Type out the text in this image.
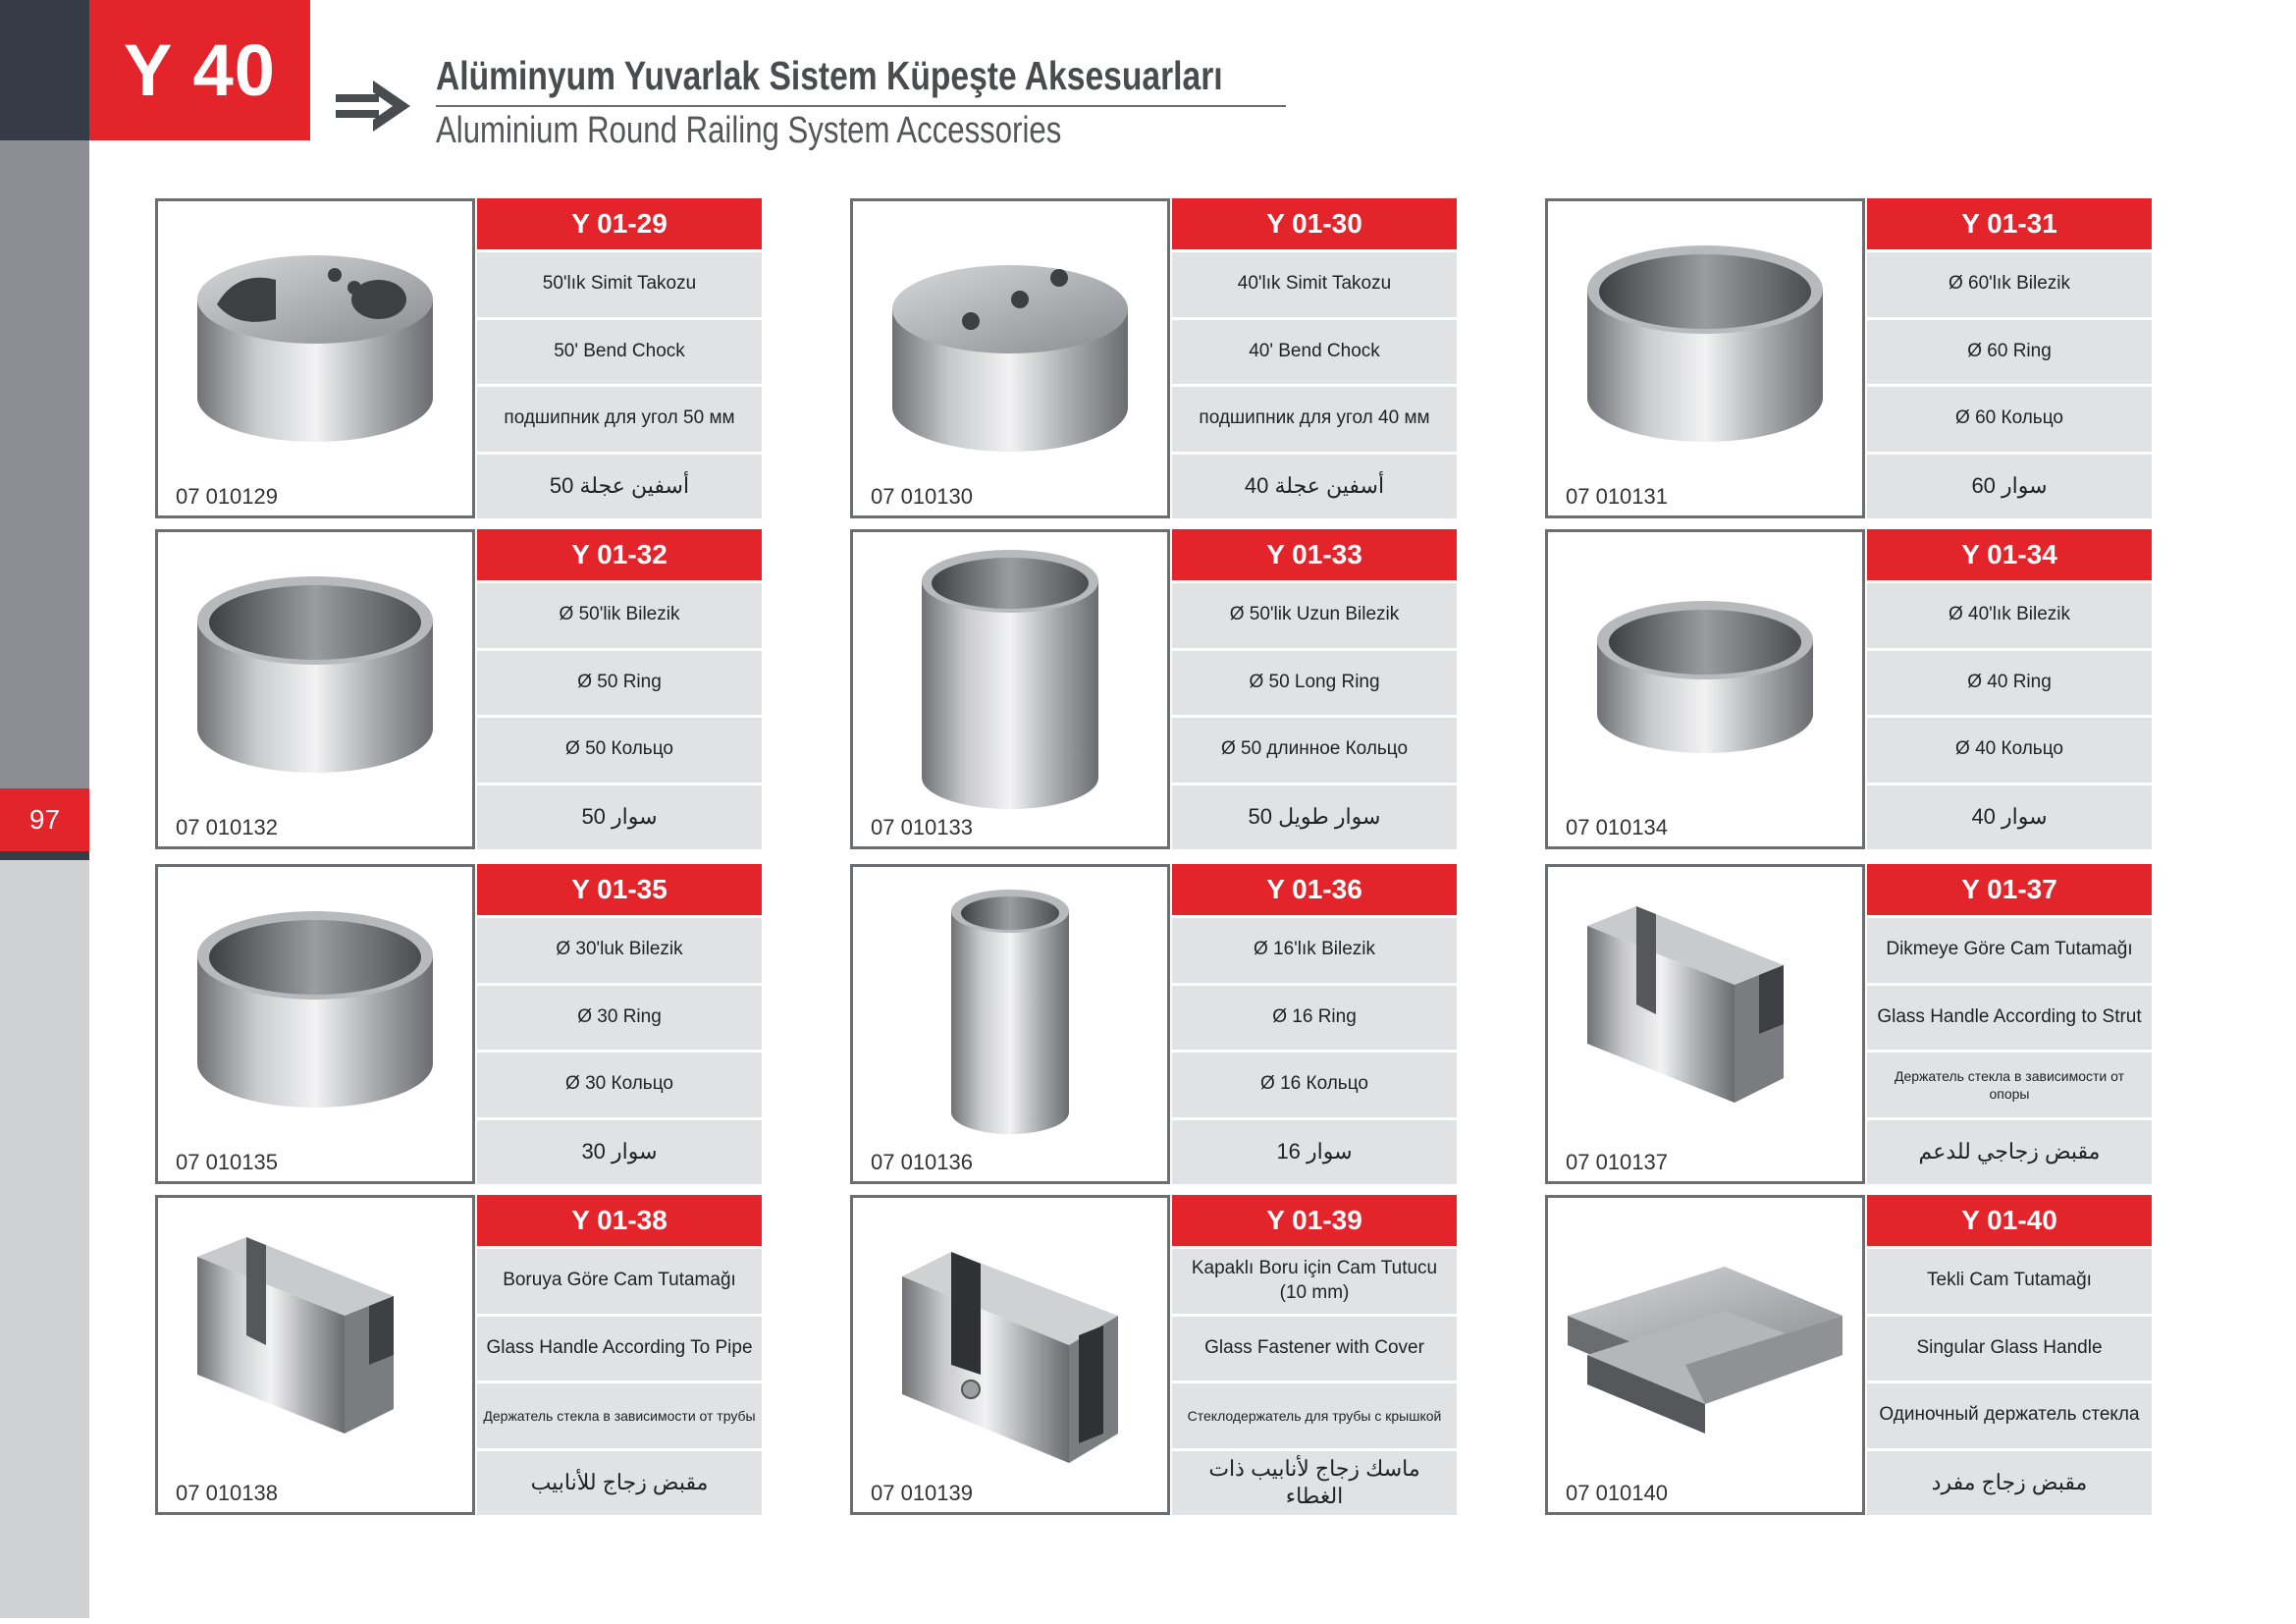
97
Y 40	Alüminyum Yuvarlak Sistem Küpeşte Aksesuarları
Aluminium Round Railing System Accessories
07 010129
Y 01-29
50'lık Simit Takozu
50' Bend Chock
подшипник для угол 50 мм
أسفين عجلة 50	07 010130
Y 01-30
40'lık Simit Takozu
40' Bend Chock
подшипник для угол 40 мм
أسفين عجلة 40	07 010131
Y 01-31
Ø 60'lık Bilezik
Ø 60 Ring
Ø 60 Кольцо
سوار 60
07 010132
Y 01-32
Ø 50'lik Bilezik
Ø 50 Ring
Ø 50 Кольцо
سوار 50	07 010133
Y 01-33
Ø 50'lik Uzun Bilezik
Ø 50 Long Ring
Ø 50 длинное Кольцо
سوار طويل 50	07 010134
Y 01-34
Ø 40'lık Bilezik
Ø 40 Ring
Ø 40 Кольцо
سوار 40
07 010135
Y 01-35
Ø 30'luk Bilezik
Ø 30 Ring
Ø 30 Кольцо
سوار 30	07 010136
Y 01-36
Ø 16'lık Bilezik
Ø 16 Ring
Ø 16 Кольцо
سوار 16	07 010137
Y 01-37
Dikmeye Göre Cam Tutamağı
Glass Handle According to Strut
Держатель стекла в зависимости от опоры
مقبض زجاجي للدعم
07 010138
Y 01-38
Boruya Göre Cam Tutamağı
Glass Handle According To Pipe
Держатель стекла в зависимости от трубы
مقبض زجاج للأنابيب	07 010139
Y 01-39
Kapaklı Boru için Cam Tutucu (10 mm)
Glass Fastener with Cover
Стеклодержатель для трубы с крышкой
ماسك زجاج لأنابيب ذات الغطاء	07 010140
Y 01-40
Tekli Cam Tutamağı
Singular Glass Handle
Одиночный держатель стекла
مقبض زجاج مفرد
